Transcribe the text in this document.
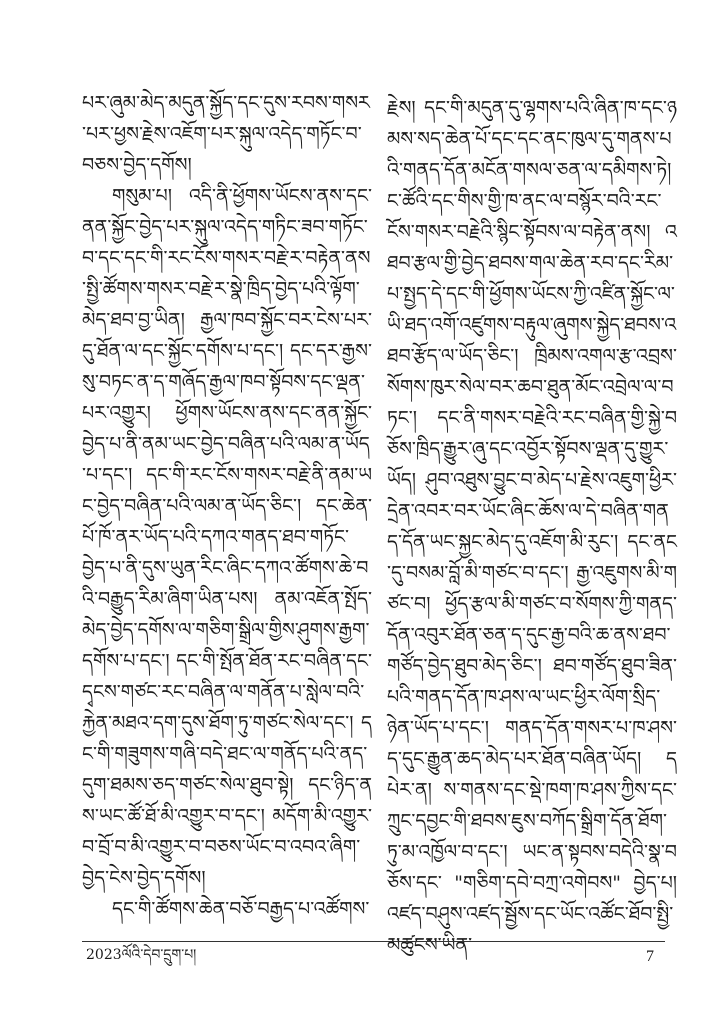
པར་ཞུམ་མེད་མདུན་སྐྱོད་དང་དུས་རབས་གསར་པར་ཕྱས་རྗེས་འཇོག་པར་སྐུལ་འདེད་གཏོང་བ་བཅས་བྱེད་དགོས།

གསུམ་པ། འདི་ནི་ཕྱོགས་ཡོངས་ནས་དང་ནན་སྐྱོང་བྱེད་པར་སྐུལ་འདེད་གཏིང་ཟབ་གཏོང་བ་དང་དང་གི་རང་ངོས་གསར་བརྗེ་ར་བརྟེན་ནས་སྤྱི་ཚོགས་གསར་བརྗེ་ར་སྣེ་ཁྲིད་བྱེད་པའི་ལྟོག་མེད་ཐབ་བྱ་ཡིན། རྒྱལ་ཁབ་སྐྱོང་བར་ངེས་པར་དུ་ཐོན་ལ་དང་སྐྱོང་དགོས་པ་དང་། དང་དར་རྒྱས་སུ་བཏང་ན་ད་གཞོད་རྒྱལ་ཁབ་སྟོབས་དང་ལྡན་པར་འགྱུར། ཕྱོགས་ཡོངས་ནས་དང་ནན་སྐྱོང་བྱེད་པ་ནི་ནམ་ཡང་བྱེད་བཞིན་པའི་ལམ་ན་ཡོད་པ་དང་། དང་གི་རང་ངོས་གསར་བརྗེ་ནི་ནམ་ཡང་བྱེད་བཞིན་པའི་ལམ་ན་ཡོད་ཅིང་། དང་ཆེན་པོ་ཁོ་ནར་ཡོད་པའི་དཀའ་གནད་ཐབ་གཏོང་བྱེད་པ་ནི་དུས་ཡུན་རིང་ཞིང་དཀའ་ཚོགས་ཆེ་བའི་བརྒྱུད་རིམ་ཞིག་ཡིན་པས། ནམ་འཇོན་སྤོད་མེད་བྱེད་དགོས་ལ་གཅིག་སྒྲིལ་གྱིས་ཤུགས་རྒྱག་དགོས་པ་དང་། དང་གི་སྤོན་ཐོན་རང་བཞིན་དང་དྭངས་གཙང་རང་བཞིན་ལ་གནོན་པ་སླེལ་བའི་རྐྱེན་མཐའ་དག་དུས་ཐོག་ཏུ་གཙང་སེལ་དང་། དང་གི་གཟུགས་གཞི་བདེ་ཐང་ལ་གནོད་པའི་ནད་དུག་ཐམས་ཅད་གཙང་སེལ་ཐུབ་སྟེ། དང་ཉིད་ནས་ཡང་ཚོ་ཐོ་མི་འགྱུར་བ་དང་། མདོག་མི་འགྱུར་བ་བྲོ་བ་མི་འགྱུར་བ་བཅས་ཡོང་བ་འབའ་ཞིག་བྱེད་ངེས་བྱེད་དགོས།

དང་གི་ཚོགས་ཆེན་བཅོ་བརྒྱད་པ་འཚོགས་

རྗེས། དང་གི་མདུན་དུ་ལྷགས་པའི་ཞིན་ཁ་དང་ཉམས་སད་ཆེན་པོ་དང་དང་ནང་ཁུལ་དུ་གནས་པའི་གནད་དོན་མངོན་གསལ་ཅན་ལ་དམིགས་ཏེ། ང་ཚོའི་དང་གིས་གྱི་ཁ་ནང་ལ་བསྙོར་བའི་རང་ངོས་གསར་བརྗེའི་སྙིང་སྟོབས་ལ་བརྟེན་ནས། འཐབ་རྩལ་གྱི་བྱེད་ཐབས་གལ་ཆེན་རབ་དང་རིམ་པ་སྤྱད་དེ་དང་གི་ཕྱོགས་ཡོངས་ཀྱི་འཛིན་སྐྱོང་ལ་ཡི་ཐད་འགོ་འཛུགས་བརྟུལ་ཞུགས་སྐྱེད་ཐབས་འཐབ་རྩོད་ལ་ཡོད་ཅིང་། ཁྲིམས་འགལ་རྩ་འབྲས་སོགས་ཁུར་སེལ་བར་ཆབ་ཐུན་མོང་འབྲེལ་ལ་བཏང་། དང་ནི་གསར་བརྗེའི་རང་བཞིན་གྱི་སྐྱེ་བཅོས་ཁྲིད་རྒྱུར་ཞུ་དང་འབྱོར་སྟོབས་ལྡན་དུ་གྱུར་ཡོད། ཤུབ་འཐུས་བྱུང་བ་མེད་པ་རྗེས་འཇུག་ཕྱིར་དྲེན་འབར་བར་ཡོང་ཞིང་ཆོས་ལ་དེ་བཞིན་གནད་དོན་ཡང་སྐྱང་མེད་དུ་འཇོག་མི་རུང་། དང་ནང་དུ་བསམ་བློ་མི་གཙང་བ་དང་། རྒྱ་འཇུགས་མི་གཙང་བ། ཕྱོད་རྩལ་མི་གཙང་བ་སོགས་ཀྱི་གནད་དོན་འབུར་ཐོན་ཅན་ད་དུང་རྒྱ་བའི་ཆ་ནས་ཐབ་གཙོད་བྱེད་ཐུབ་མེད་ཅིང་། ཐབ་གཙོད་ཐུབ་ཟིན་པའི་གནད་དོན་ཁ་ཤས་ལ་ཡང་ཕྱིར་ལོག་སྲིད་ཉེན་ཡོད་པ་དང་། གནད་དོན་གསར་པ་ཁ་ཤས་ད་དུང་རྒྱུན་ཆད་མེད་པར་ཐོན་བཞིན་ཡོད། དཔེར་ན། ས་གནས་དང་སྡེ་ཁག་ཁ་ཤས་ཀྱིས་དང་ཀྲུང་དབྱང་གི་ཐབས་ཇུས་བཀོད་སྒྲིག་དོན་ཐོག་ཏུ་མ་འཁྱོལ་བ་དང་། ཡང་ན་སྟབས་བདེའི་སྣ་བཅོས་དང་ "གཅིག་དབེ་བཀྲ་འགེབས" བྱེད་པ། འཛད་བཤུས་འཛད་སྦྱོས་དང་ཡོང་འཚོང་ཐོབ་སྤྱི་མཚུངས་ཡིན་

2023ལོའི་དེབ་དྲུག་པ།	7
